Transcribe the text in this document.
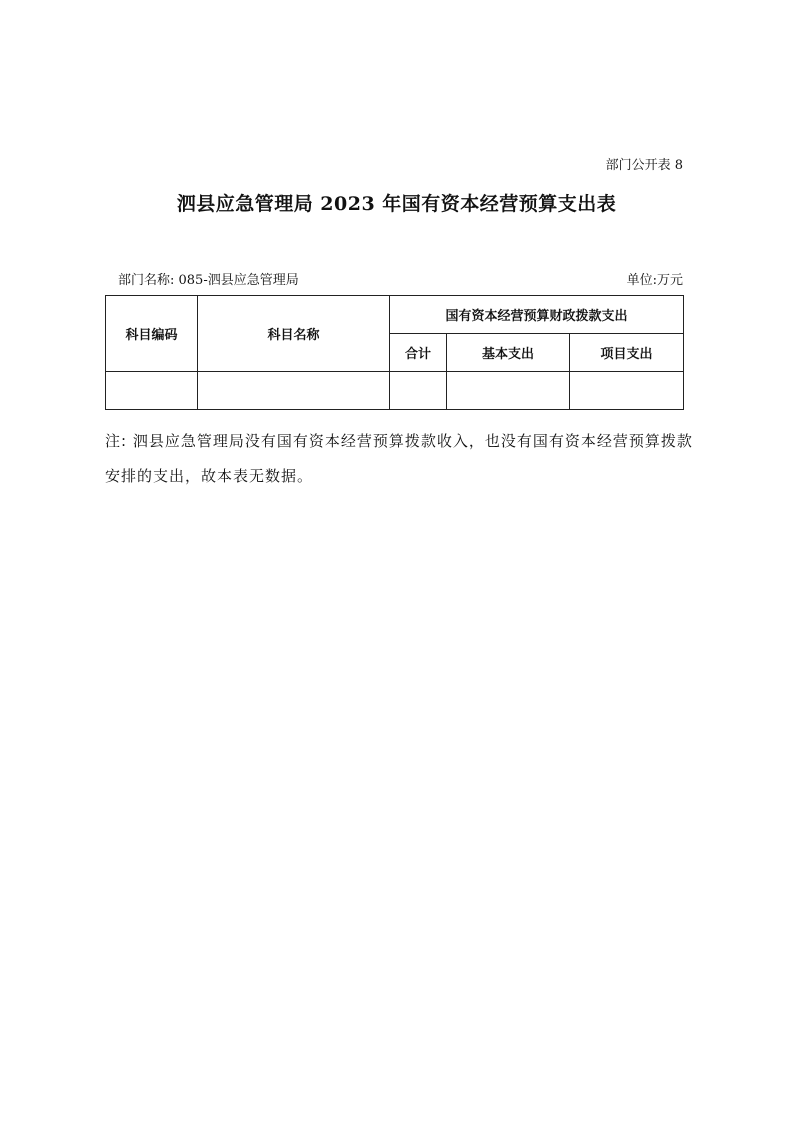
部门公开表 8
泗县应急管理局 2023 年国有资本经营预算支出表
部门名称: 085-泗县应急管理局	单位:万元
科目编码	科目名称	国有资本经营预算财政拨款支出		
		合计	基本支出	项目支出

注: 泗县应急管理局没有国有资本经营预算拨款收入，也没有国有资本经营预算拨款安排的支出，故本表无数据。
